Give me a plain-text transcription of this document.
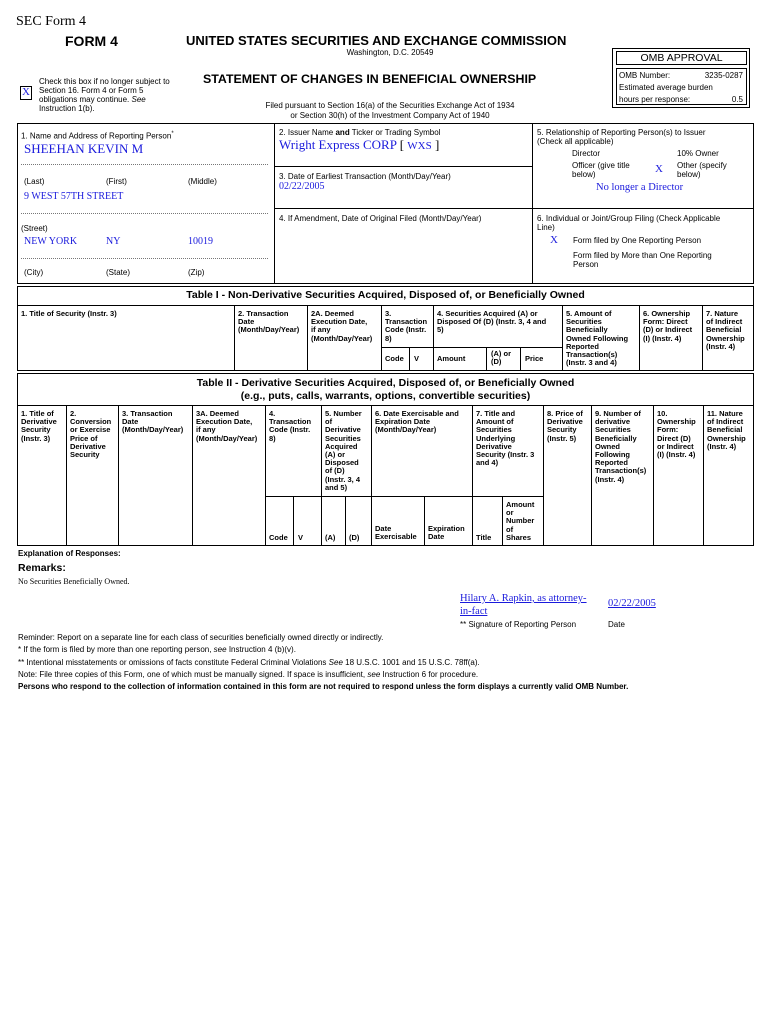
SEC Form 4
FORM 4	UNITED STATES SECURITIES AND EXCHANGE COMMISSION
Washington, D.C. 20549
STATEMENT OF CHANGES IN BENEFICIAL OWNERSHIP
Filed pursuant to Section 16(a) of the Securities Exchange Act of 1934
or Section 30(h) of the Investment Company Act of 1940
X
Check this box if no longer subject to
Section 16. Form 4 or Form 5
obligations may continue. See
Instruction 1(b).
OMB APPROVAL
OMB Number:	3235-0287
Estimated average burden
hours per response:	0.5
1. Name and Address of Reporting Person*
SHEEHAN KEVIN M
(Last)	(First)	(Middle)
9 WEST 57TH STREET
(Street)
NEW YORK	NY	10019
(City)	(State)	(Zip)
2. Issuer Name and Ticker or Trading Symbol
Wright Express CORP [ WXS ]
3. Date of Earliest Transaction (Month/Day/Year)
02/22/2005
4. If Amendment, Date of Original Filed (Month/Day/Year)
5. Relationship of Reporting Person(s) to Issuer
(Check all applicable)
Director	10% Owner
Officer (give title
below)	X Other (specify
below)
No longer a Director
6. Individual or Joint/Group Filing (Check Applicable
Line)
X Form filed by One Reporting Person
Form filed by More than One Reporting
Person
Table I - Non-Derivative Securities Acquired, Disposed of, or Beneficially Owned
1. Title of Security (Instr. 3)	2. Transaction
Date
(Month/Day/Year)
2A. Deemed
Execution Date,
if any
(Month/Day/Year)
3.
Transaction
Code (Instr.
8)
4. Securities Acquired (A) or
Disposed Of (D) (Instr. 3, 4 and
5)
5. Amount of
Securities
Beneficially
Owned Following
Reported
Transaction(s)
(Instr. 3 and 4)
6. Ownership
Form: Direct
(D) or Indirect
(I) (Instr. 4)
7. Nature
of Indirect
Beneficial
Ownership
(Instr. 4)
Code V Amount
(A) or
(D)	Price
Table II - Derivative Securities Acquired, Disposed of, or Beneficially Owned
(e.g., puts, calls, warrants, options, convertible securities)
1. Title of
Derivative
Security
(Instr. 3)
2.
Conversion
or Exercise
Price of
Derivative
Security
3. Transaction
Date
(Month/Day/Year)
3A. Deemed
Execution Date,
if any
(Month/Day/Year)
4.
Transaction
Code (Instr.
8)
5. Number
of
Derivative
Securities
Acquired
(A) or
Disposed
of (D)
(Instr. 3, 4
and 5)
6. Date Exercisable and
Expiration Date
(Month/Day/Year)
7. Title and
Amount of
Securities
Underlying
Derivative
Security (Instr. 3
and 4)
8. Price of
Derivative
Security
(Instr. 5)
9. Number of
derivative
Securities
Beneficially
Owned
Following
Reported
Transaction(s)
(Instr. 4)
10.
Ownership
Form:
Direct (D)
or Indirect
(I) (Instr. 4)
11. Nature
of Indirect
Beneficial
Ownership
(Instr. 4)
Code V	(A) (D)
Date
Exercisable
Expiration
Date	Title
Amount
or
Number
of
Shares
Explanation of Responses:
Remarks:
No Securities Beneficially Owned.
Hilary A. Rapkin, as attorney-
in-fact
02/22/2005
** Signature of Reporting Person	Date
Reminder: Report on a separate line for each class of securities beneficially owned directly or indirectly.
* If the form is filed by more than one reporting person, see Instruction 4 (b)(v).
** Intentional misstatements or omissions of facts constitute Federal Criminal Violations See 18 U.S.C. 1001 and 15 U.S.C. 78ff(a).
Note: File three copies of this Form, one of which must be manually signed. If space is insufficient, see Instruction 6 for procedure.
Persons who respond to the collection of information contained in this form are not required to respond unless the form displays a currently valid OMB Number.
